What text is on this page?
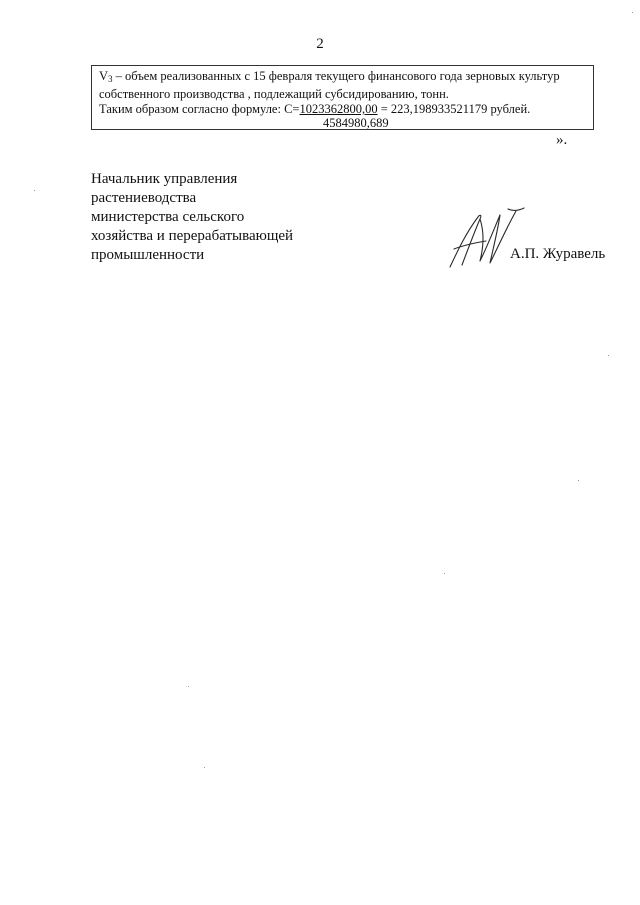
2
$V_3$ – объем реализованных с 15 февраля текущего финансового года зерновых культур
собственного производства , подлежащий субсидированию, тонн.
Таким образом согласно формуле: С=1023362800,00 = 223,198933521179 рублей.
4584980,689
».
Начальник управления
растениеводства
министерства сельского
хозяйства и перерабатывающей
промышленности	А.П. Журавель
